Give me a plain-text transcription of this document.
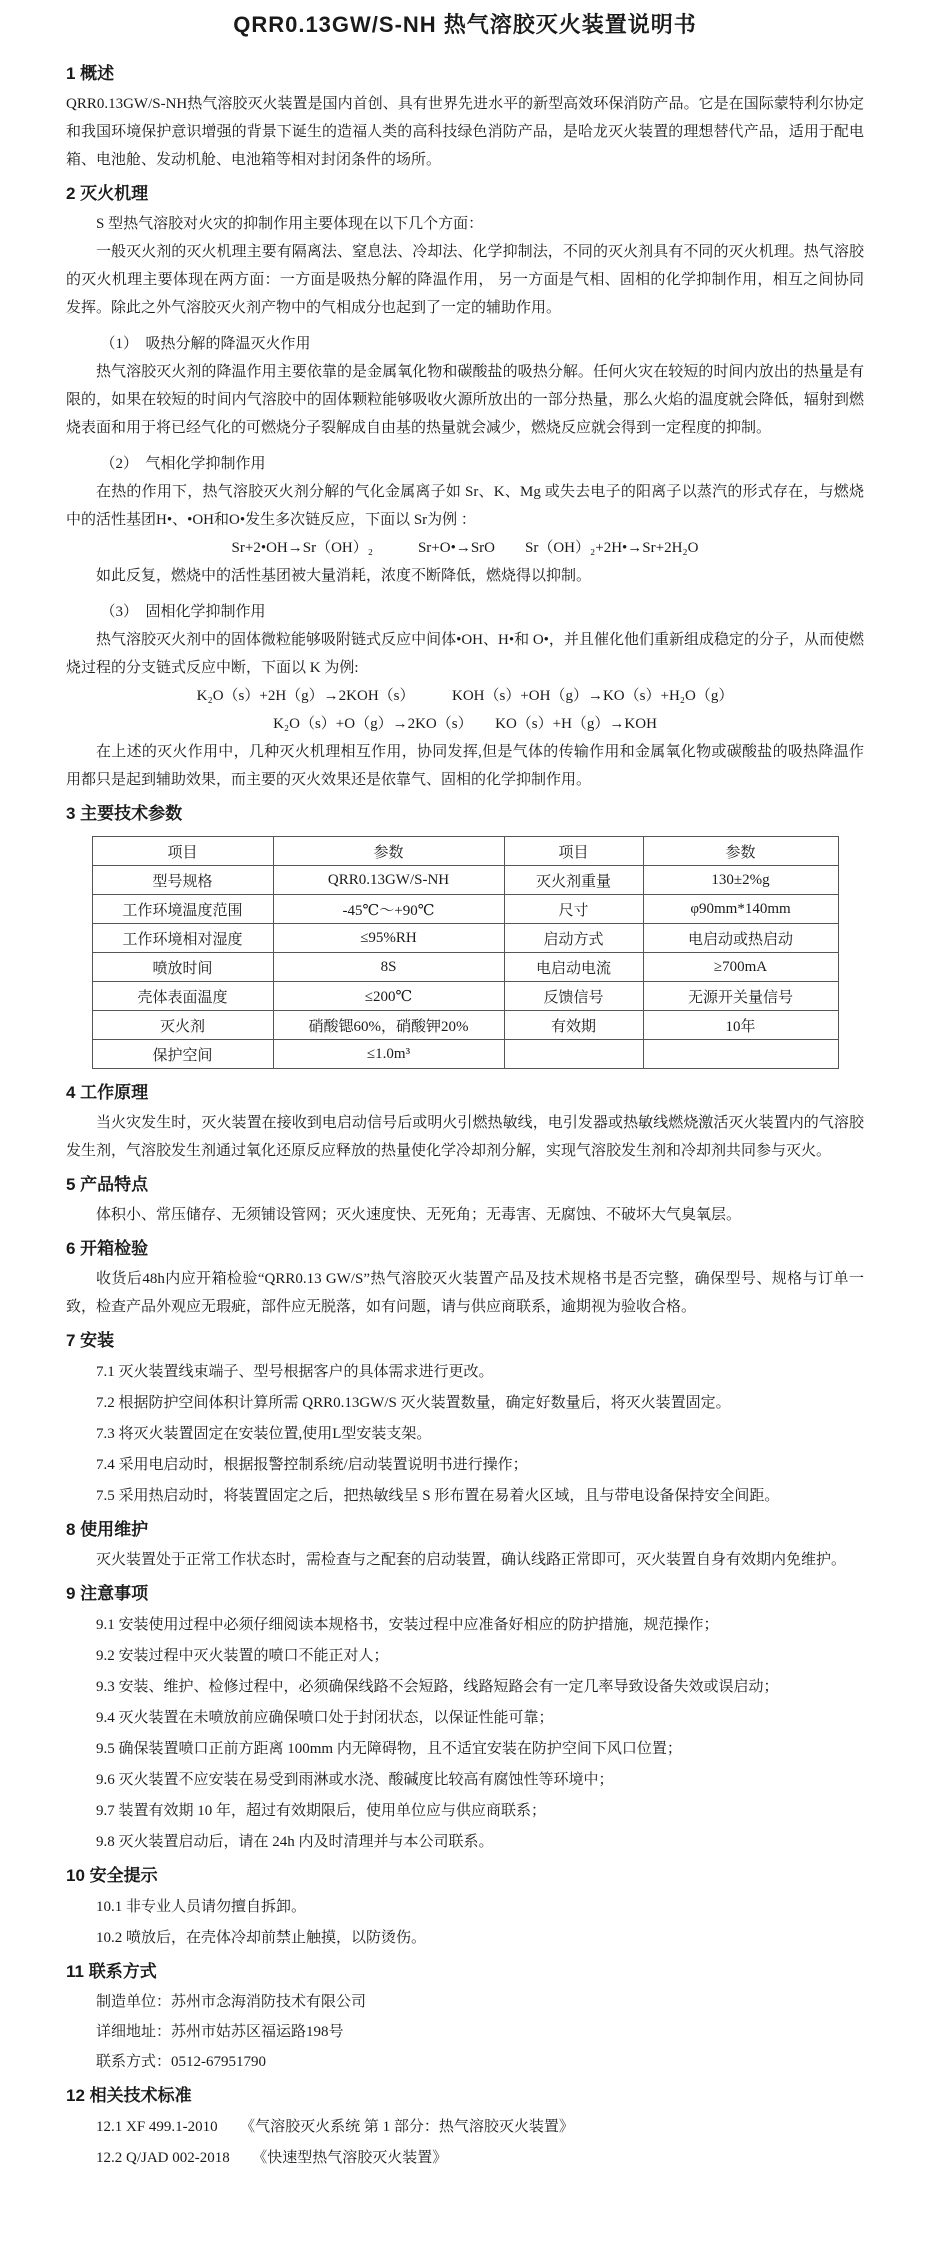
QRR0.13GW/S-NH 热气溶胶灭火装置说明书
1 概述

QRR0.13GW/S-NH热气溶胶灭火装置是国内首创、具有世界先进水平的新型高效环保消防产品。它是在国际蒙特利尔协定和我国环境保护意识增强的背景下诞生的造福人类的高科技绿色消防产品，是哈龙灭火装置的理想替代产品，适用于配电箱、电池舱、发动机舱、电池箱等相对封闭条件的场所。

2 灭火机理

S 型热气溶胶对火灾的抑制作用主要体现在以下几个方面：

一般灭火剂的灭火机理主要有隔离法、窒息法、冷却法、化学抑制法，不同的灭火剂具有不同的灭火机理。热气溶胶的灭火机理主要体现在两方面：一方面是吸热分解的降温作用， 另一方面是气相、固相的化学抑制作用，相互之间协同发挥。除此之外气溶胶灭火剂产物中的气相成分也起到了一定的辅助作用。

（1）　吸热分解的降温灭火作用

热气溶胶灭火剂的降温作用主要依靠的是金属氧化物和碳酸盐的吸热分解。任何火灾在较短的时间内放出的热量是有限的，如果在较短的时间内气溶胶中的固体颗粒能够吸收火源所放出的一部分热量，那么火焰的温度就会降低，辐射到燃烧表面和用于将已经气化的可燃烧分子裂解成自由基的热量就会减少，燃烧反应就会得到一定程度的抑制。

（2）　气相化学抑制作用

在热的作用下，热气溶胶灭火剂分解的气化金属离子如 Sr、K、Mg 或失去电子的阳离子以蒸汽的形式存在，与燃烧中的活性基团H•、•OH和O•发生多次链反应，下面以 Sr为例 ：

Sr+2•OH→Sr（OH）₂　　　Sr+O•→SrO　　Sr（OH）₂+2H•→Sr+2H₂O

如此反复，燃烧中的活性基团被大量消耗，浓度不断降低，燃烧得以抑制。

（3）　固相化学抑制作用

热气溶胶灭火剂中的固体微粒能够吸附链式反应中间体•OH、H•和 O•，并且催化他们重新组成稳定的分子，从而使燃烧过程的分支链式反应中断，下面以 K 为例:

K₂O（s）+2H（g）→2KOH（s）　　　KOH（s）+OH（g）→KO（s）+H₂O（g）

K₂O（s）+O（g）→2KO（s）　　KO（s）+H（g）→KOH

在上述的灭火作用中，几种灭火机理相互作用，协同发挥,但是气体的传输作用和金属氧化物或碳酸盐的吸热降温作用都只是起到辅助效果，而主要的灭火效果还是依靠气、固相的化学抑制作用。

3 主要技术参数
项目	参数	项目	参数
型号规格	QRR0.13GW/S-NH	灭火剂重量	130±2%g
工作环境温度范围	-45℃～+90℃	尺寸	φ90mm*140mm
工作环境相对湿度	≤95%RH	启动方式	电启动或热启动
喷放时间	8S	电启动电流	≥700mA
壳体表面温度	≤200℃	反馈信号	无源开关量信号
灭火剂	硝酸锶60%，硝酸钾20%	有效期	10年
保护空间	≤1.0m³		
4 工作原理

当火灾发生时，灭火装置在接收到电启动信号后或明火引燃热敏线，电引发器或热敏线燃烧激活灭火装置内的气溶胶发生剂，气溶胶发生剂通过氧化还原反应释放的热量使化学冷却剂分解，实现气溶胶发生剂和冷却剂共同参与灭火。

5 产品特点

体积小、常压储存、无须铺设管网；灭火速度快、无死角；无毒害、无腐蚀、不破坏大气臭氧层。

6 开箱检验

收货后48h内应开箱检验“QRR0.13 GW/S”热气溶胶灭火装置产品及技术规格书是否完整，确保型号、规格与订单一致，检查产品外观应无瑕疵，部件应无脱落，如有问题，请与供应商联系，逾期视为验收合格。

7 安装

7.1 灭火装置线束端子、型号根据客户的具体需求进行更改。

7.2 根据防护空间体积计算所需 QRR0.13GW/S 灭火装置数量，确定好数量后，将灭火装置固定。

7.3 将灭火装置固定在安装位置,使用L型安装支架。

7.4 采用电启动时，根据报警控制系统/启动装置说明书进行操作；

7.5 采用热启动时，将装置固定之后，把热敏线呈 S 形布置在易着火区域，且与带电设备保持安全间距。

8 使用维护

灭火装置处于正常工作状态时，需检查与之配套的启动装置，确认线路正常即可，灭火装置自身有效期内免维护。

9 注意事项

9.1 安装使用过程中必须仔细阅读本规格书，安装过程中应准备好相应的防护措施，规范操作；

9.2 安装过程中灭火装置的喷口不能正对人；

9.3 安装、维护、检修过程中，必须确保线路不会短路，线路短路会有一定几率导致设备失效或误启动；

9.4 灭火装置在未喷放前应确保喷口处于封闭状态，以保证性能可靠；

9.5 确保装置喷口正前方距离 100mm 内无障碍物，且不适宜安装在防护空间下风口位置；

9.6 灭火装置不应安装在易受到雨淋或水浇、酸碱度比较高有腐蚀性等环境中；

9.7 装置有效期 10 年，超过有效期限后，使用单位应与供应商联系；

9.8 灭火装置启动后，请在 24h 内及时清理并与本公司联系。

10 安全提示

10.1 非专业人员请勿擅自拆卸。

10.2 喷放后，在壳体冷却前禁止触摸，以防烫伤。

11 联系方式

制造单位：苏州市念海消防技术有限公司

详细地址：苏州市姑苏区福运路198号

联系方式：0512-67951790

12 相关技术标准

12.1 XF 499.1-2010　　《气溶胶灭火系统 第 1 部分：热气溶胶灭火装置》

12.2 Q/JAD 002-2018　　《快速型热气溶胶灭火装置》
